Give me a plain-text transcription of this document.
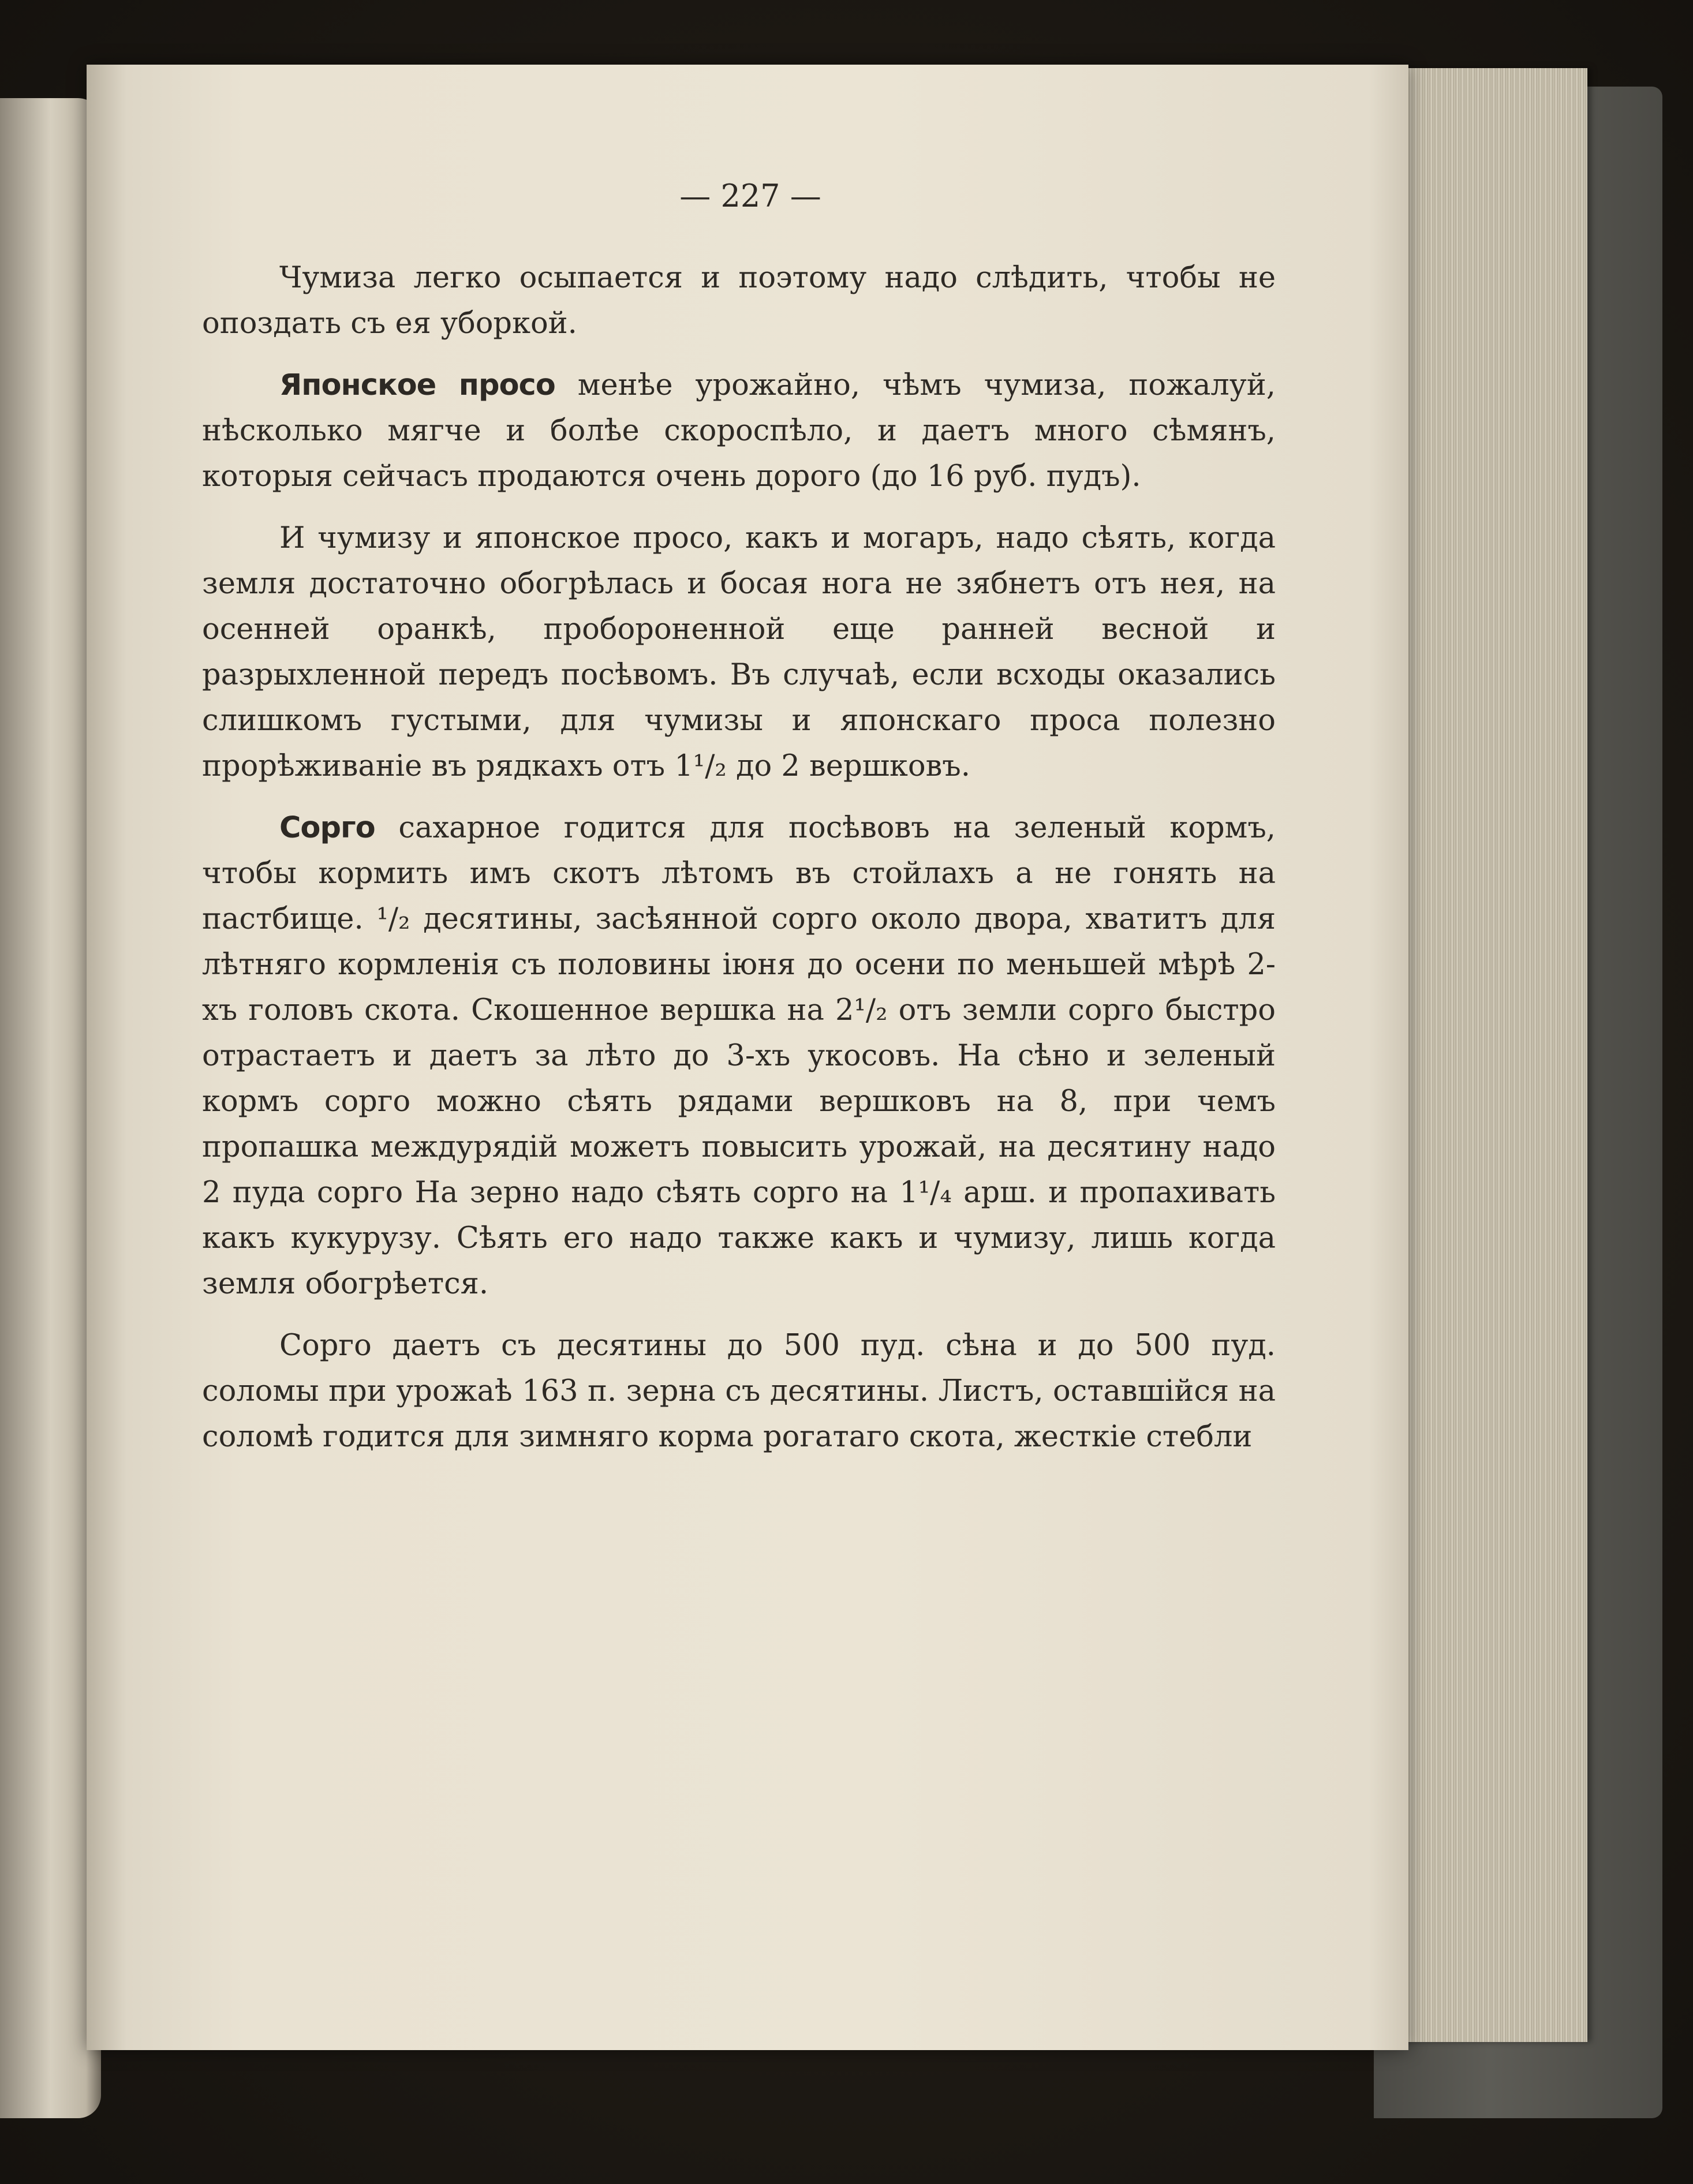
— 227 —

Чумиза легко осыпается и поэтому надо слѣдить, чтобы не опоздать съ ея уборкой.

Японское просо менѣе урожайно, чѣмъ чумиза, пожалуй, нѣсколько мягче и болѣе скороспѣло, и даетъ много сѣмянъ, которыя сейчасъ продаются очень дорого (до 16 руб. пудъ).

И чумизу и японское просо, какъ и могаръ, надо сѣять, когда земля достаточно обогрѣлась и босая нога не зябнетъ отъ нея, на осенней оранкѣ, пробороненной еще ранней весной и разрыхленной передъ посѣвомъ. Въ случаѣ, если всходы оказались слишкомъ густыми, для чумизы и японскаго проса полезно прорѣживаніе въ рядкахъ отъ 1¹/₂ до 2 вершковъ.

Сорго сахарное годится для посѣвовъ на зеленый кормъ, чтобы кормить имъ скотъ лѣтомъ въ стойлахъ а не гонять на пастбище. ¹/₂ десятины, засѣянной сорго около двора, хватитъ для лѣтняго кормленія съ половины іюня до осени по меньшей мѣрѣ 2-хъ головъ скота. Скошенное вершка на 2¹/₂ отъ земли сорго быстро отрастаетъ и даетъ за лѣто до 3-хъ укосовъ. На сѣно и зеленый кормъ сорго можно сѣять рядами вершковъ на 8, при чемъ пропашка междурядій можетъ повысить урожай, на десятину надо 2 пуда сорго На зерно надо сѣять сорго на 1¹/₄ арш. и пропахивать какъ кукурузу. Сѣять его надо также какъ и чумизу, лишь когда земля обогрѣется.

Сорго даетъ съ десятины до 500 пуд. сѣна и до 500 пуд. соломы при урожаѣ 163 п. зерна съ десятины. Листъ, оставшійся на соломѣ годится для зимняго корма рогатаго скота, жесткіе стебли
